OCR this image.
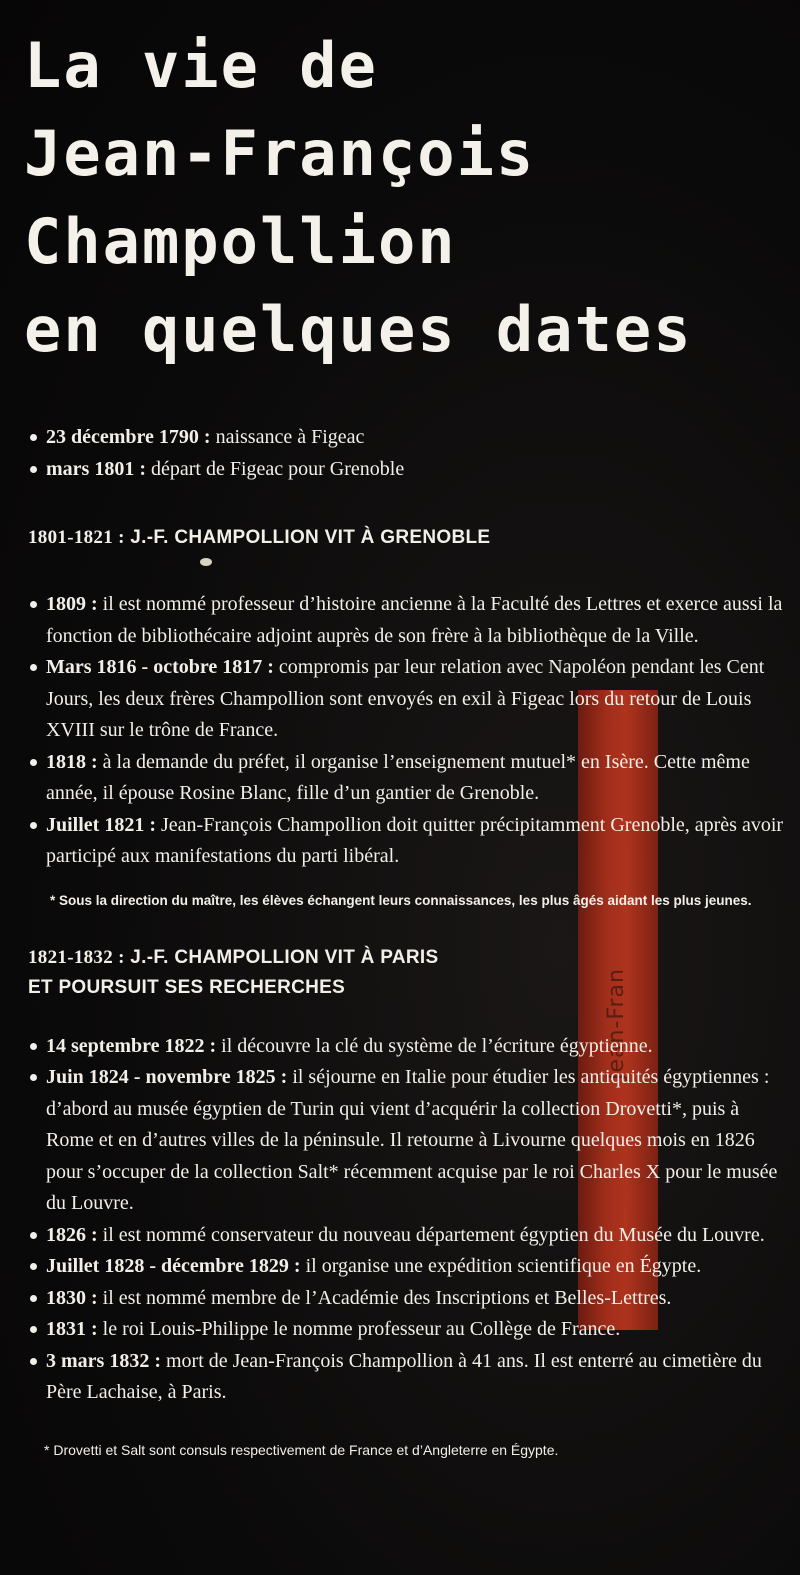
Jean-Fran
La vie de
Jean-François
Champollion
en quelques dates
23 décembre 1790 : naissance à Figeac
mars 1801 : départ de Figeac pour Grenoble
1801-1821 : J.-F. CHAMPOLLION VIT À GRENOBLE
1809 : il est nommé professeur d’histoire ancienne à la Faculté des Lettres et exerce aussi la fonction de bibliothécaire adjoint auprès de son frère à la bibliothèque de la Ville.
Mars 1816 - octobre 1817 : compromis par leur relation avec Napoléon pendant les Cent Jours, les deux frères Champollion sont envoyés en exil à Figeac lors du retour de Louis XVIII sur le trône de France.
1818 : à la demande du préfet, il organise l’enseignement mutuel* en Isère. Cette même année, il épouse Rosine Blanc, fille d’un gantier de Grenoble.
Juillet 1821 : Jean-François Champollion doit quitter précipitamment Grenoble, après avoir participé aux manifestations du parti libéral.
* Sous la direction du maître, les élèves échangent leurs connaissances, les plus âgés aidant les plus jeunes.
1821-1832 : J.-F. CHAMPOLLION VIT À PARIS
ET POURSUIT SES RECHERCHES
14 septembre 1822 : il découvre la clé du système de l’écriture égyptienne.
Juin 1824 - novembre 1825 : il séjourne en Italie pour étudier les antiquités égyptiennes : d’abord au musée égyptien de Turin qui vient d’acquérir la collection Drovetti*, puis à Rome et en d’autres villes de la péninsule. Il retourne à Livourne quelques mois en 1826 pour s’occuper de la collection Salt* récemment acquise par le roi Charles X pour le musée du Louvre.
1826 : il est nommé conservateur du nouveau département égyptien du Musée du Louvre.
Juillet 1828 - décembre 1829 : il organise une expédition scientifique en Égypte.
1830 : il est nommé membre de l’Académie des Inscriptions et Belles-Lettres.
1831 : le roi Louis-Philippe le nomme professeur au Collège de France.
3 mars 1832 : mort de Jean-François Champollion à 41 ans. Il est enterré au cimetière du Père Lachaise, à Paris.
* Drovetti et Salt sont consuls respectivement de France et d’Angleterre en Égypte.
